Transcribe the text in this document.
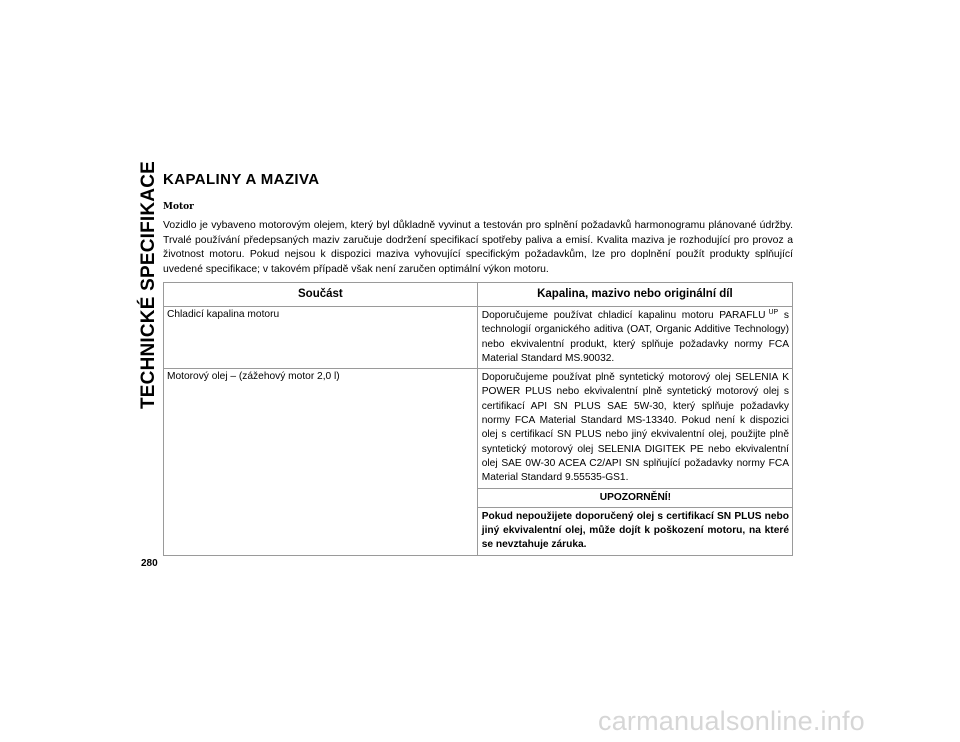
TECHNICKÉ SPECIFIKACE KAPALINY A MAZIVA
Motor

Vozidlo je vybaveno motorovým olejem, který byl důkladně vyvinut a testován pro splnění požadavků harmonogramu plánované údržby. Trvalé používání předepsaných maziv zaručuje dodržení specifikací spotřeby paliva a emisí. Kvalita maziva je rozhodující pro provoz a životnost motoru. Pokud nejsou k dispozici maziva vyhovující specifickým požadavkům, lze pro doplnění použít produkty splňující uvedené specifikace; v takovém případě však není zaručen optimální výkon motoru.

Součást	Kapalina, mazivo nebo originální díl
Chladicí kapalina motoru	Doporučujeme používat chladicí kapalinu motoru PARAFLU $^{UP}$ s technologií organického aditiva (OAT, Organic Additive Technology) nebo ekvivalentní produkt, který splňuje požadavky normy FCA Material Standard MS.90032.
Motorový olej – (zážehový motor 2,0 l)	Doporučujeme používat plně syntetický motorový olej SELENIA K POWER PLUS nebo ekvivalentní plně syntetický motorový olej s certifikací API SN PLUS SAE 5W-30, který splňuje požadavky normy FCA Material Standard MS-13340. Pokud není k dispozici olej s certifikací SN PLUS nebo jiný ekvivalentní olej, použijte plně syntetický motorový olej SELENIA DIGITEK PE nebo ekvivalentní olej SAE 0W-30 ACEA C2/API SN splňující požadavky normy FCA Material Standard 9.55535-GS1.
	UPOZORNĚNÍ!
	Pokud nepoužijete doporučený olej s certifikací SN PLUS nebo jiný ekvivalentní olej, může dojít k poškození motoru, na které se nevztahuje záruka.
280
carmanualsonline.info
